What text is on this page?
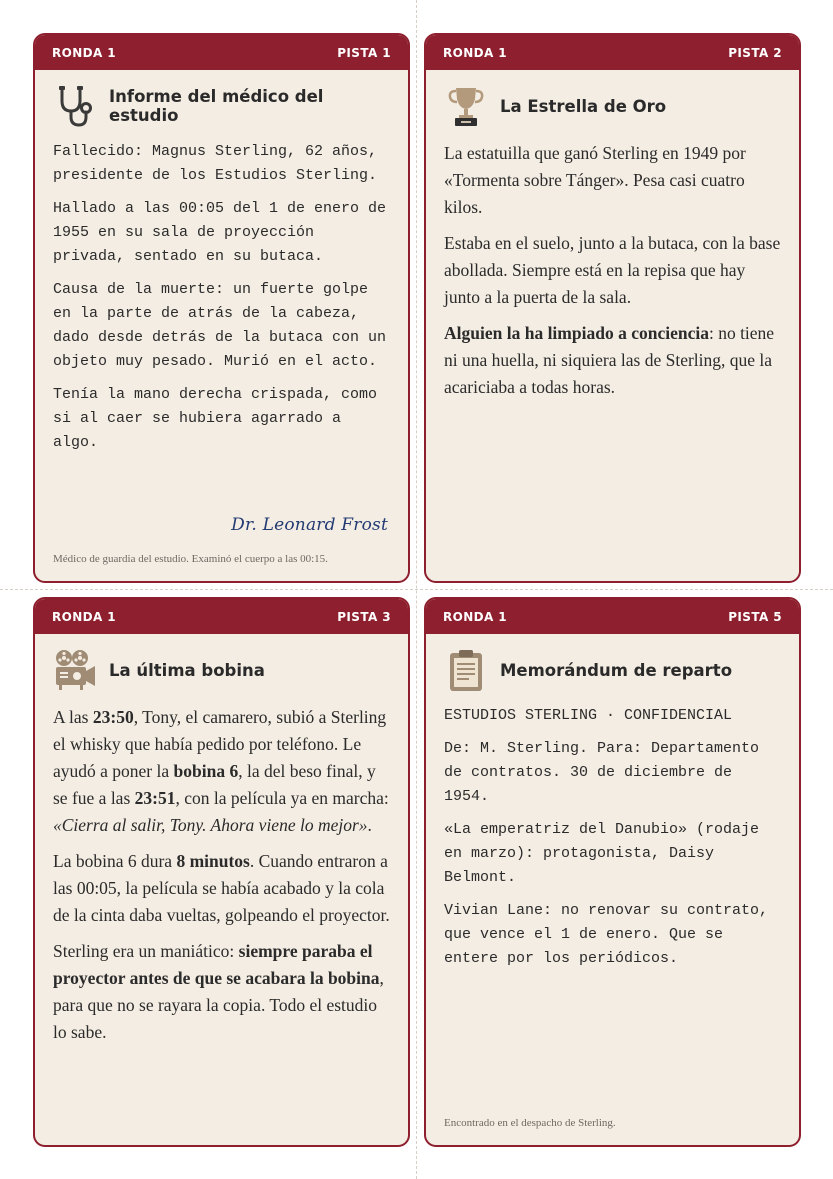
RONDA 1	PISTA 1
Informe del médico del estudio

Fallecido: Magnus Sterling, 62 años, presidente de los Estudios Sterling.

Hallado a las 00:05 del 1 de enero de 1955 en su sala de proyección privada, sentado en su butaca.

Causa de la muerte: un fuerte golpe en la parte de atrás de la cabeza, dado desde detrás de la butaca con un objeto muy pesado. Murió en el acto.

Tenía la mano derecha crispada, como si al caer se hubiera agarrado a algo.

Dr. Leonard Frost
Médico de guardia del estudio. Examinó el cuerpo a las 00:15.
RONDA 1	PISTA 2
La Estrella de Oro

La estatuilla que ganó Sterling en 1949 por «Tormenta sobre Tánger». Pesa casi cuatro kilos.

Estaba en el suelo, junto a la butaca, con la base abollada. Siempre está en la repisa que hay junto a la puerta de la sala.

Alguien la ha limpiado a conciencia: no tiene ni una huella, ni siquiera las de Sterling, que la acariciaba a todas horas.

RONDA 1	PISTA 3
La última bobina

A las 23:50, Tony, el camarero, subió a Sterling el whisky que había pedido por teléfono. Le ayudó a poner la bobina 6, la del beso final, y se fue a las 23:51, con la película ya en marcha: «Cierra al salir, Tony. Ahora viene lo mejor».

La bobina 6 dura 8 minutos. Cuando entraron a las 00:05, la película se había acabado y la cola de la cinta daba vueltas, golpeando el proyector.

Sterling era un maniático: siempre paraba el proyector antes de que se acabara la bobina, para que no se rayara la copia. Todo el estudio lo sabe.

RONDA 1	PISTA 5
Memorándum de reparto

ESTUDIOS STERLING · CONFIDENCIAL

De: M. Sterling. Para: Departamento de contratos. 30 de diciembre de 1954.

«La emperatriz del Danubio» (rodaje en marzo): protagonista, Daisy Belmont.

Vivian Lane: no renovar su contrato, que vence el 1 de enero. Que se entere por los periódicos.

Encontrado en el despacho de Sterling.
